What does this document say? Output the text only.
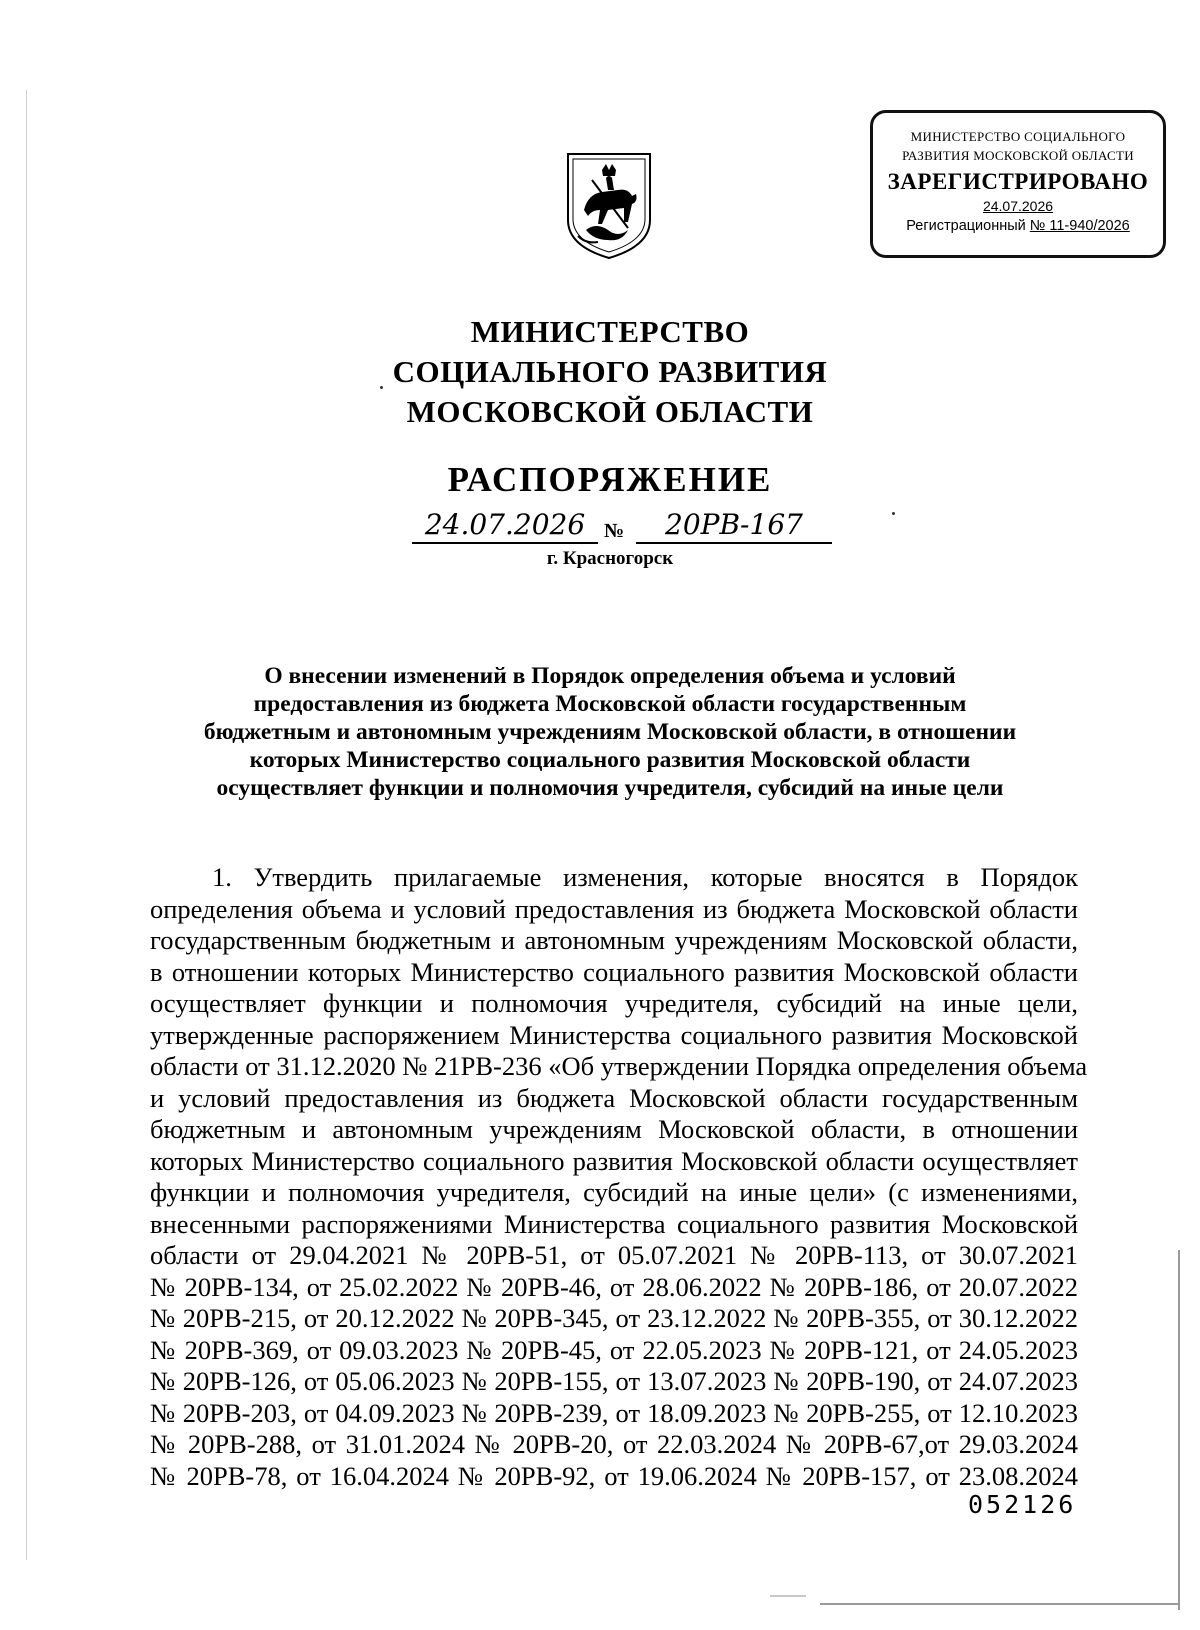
МИНИСТЕРСТВО СОЦИАЛЬНОГО
РАЗВИТИЯ МОСКОВСКОЙ ОБЛАСТИ
ЗАРЕГИСТРИРОВАНО
24.07.2026
Регистрационный № 11-940/2026
МИНИСТЕРСТВО
СОЦИАЛЬНОГО РАЗВИТИЯ
МОСКОВСКОЙ ОБЛАСТИ
РАСПОРЯЖЕНИЕ
24.07.2026 №	20РВ-167
г. Красногорск
О внесении изменений в Порядок определения объема и условий
предоставления из бюджета Московской области государственным
бюджетным и автономным учреждениям Московской области, в отношении
которых Министерство социального развития Московской области
осуществляет функции и полномочия учредителя, субсидий на иные цели
1. Утвердить прилагаемые изменения, которые вносятся в Порядок
определения объема и условий предоставления из бюджета Московской области
государственным бюджетным и автономным учреждениям Московской области,
в отношении которых Министерство социального развития Московской области
осуществляет функции и полномочия учредителя, субсидий на иные цели,
утвержденные распоряжением Министерства социального развития Московской
области от 31.12.2020 № 21РВ-236 «Об утверждении Порядка определения объема
и условий предоставления из бюджета Московской области государственным
бюджетным и автономным учреждениям Московской области, в отношении
которых Министерство социального развития Московской области осуществляет
функции и полномочия учредителя, субсидий на иные цели» (с изменениями,
внесенными распоряжениями Министерства социального развития Московской
области от 29.04.2021 № 20РВ-51, от 05.07.2021 № 20РВ-113, от 30.07.2021
№ 20РВ-134, от 25.02.2022 № 20РВ-46, от 28.06.2022 № 20РВ-186, от 20.07.2022
№ 20РВ-215, от 20.12.2022 № 20РВ-345, от 23.12.2022 № 20РВ-355, от 30.12.2022
№ 20РВ-369, от 09.03.2023 № 20РВ-45, от 22.05.2023 № 20РВ-121, от 24.05.2023
№ 20РВ-126, от 05.06.2023 № 20РВ-155, от 13.07.2023 № 20РВ-190, от 24.07.2023
№ 20РВ-203, от 04.09.2023 № 20РВ-239, от 18.09.2023 № 20РВ-255, от 12.10.2023
№ 20РВ-288, от 31.01.2024 № 20РВ-20, от 22.03.2024 № 20РВ-67,от 29.03.2024
№ 20РВ-78, от 16.04.2024 № 20РВ-92, от 19.06.2024 № 20РВ-157, от 23.08.2024
052126
